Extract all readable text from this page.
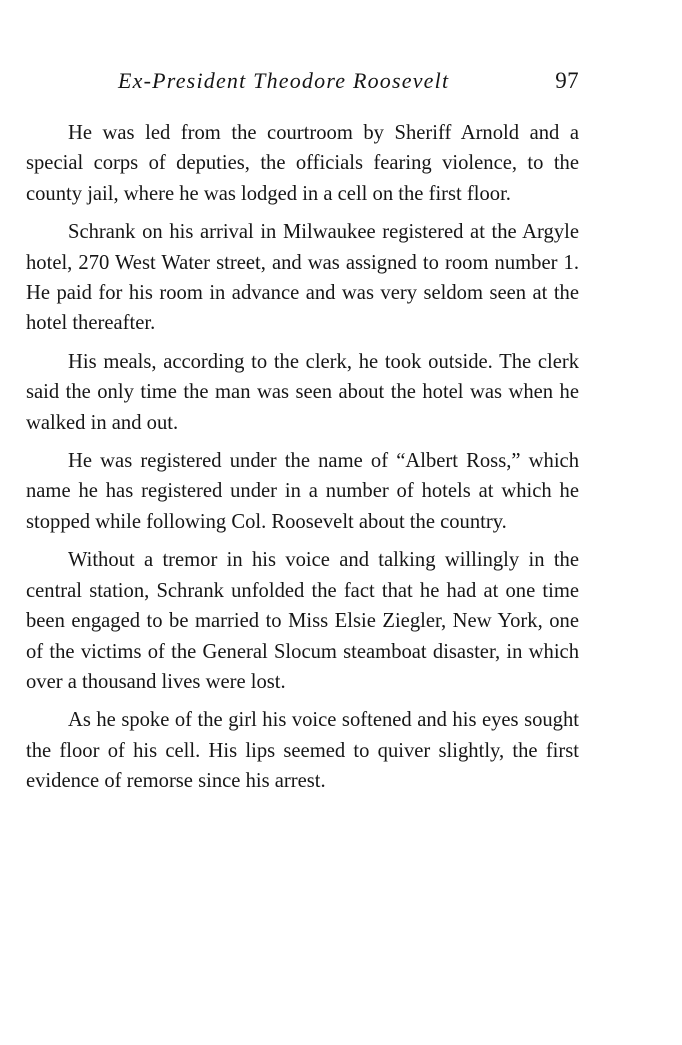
Ex-President Theodore Roosevelt	97

He was led from the courtroom by Sheriff Arnold and a special corps of deputies, the officials fearing violence, to the county jail, where he was lodged in a cell on the first floor.

Schrank on his arrival in Milwaukee registered at the Argyle hotel, 270 West Water street, and was assigned to room number 1. He paid for his room in advance and was very seldom seen at the hotel thereafter.

His meals, according to the clerk, he took outside. The clerk said the only time the man was seen about the hotel was when he walked in and out.

He was registered under the name of “Albert Ross,” which name he has registered under in a number of hotels at which he stopped while following Col. Roosevelt about the country.

Without a tremor in his voice and talking willingly in the central station, Schrank unfolded the fact that he had at one time been engaged to be married to Miss Elsie Ziegler, New York, one of the victims of the General Slocum steamboat disaster, in which over a thousand lives were lost.

As he spoke of the girl his voice softened and his eyes sought the floor of his cell. His lips seemed to quiver slightly, the first evidence of remorse since his arrest.
